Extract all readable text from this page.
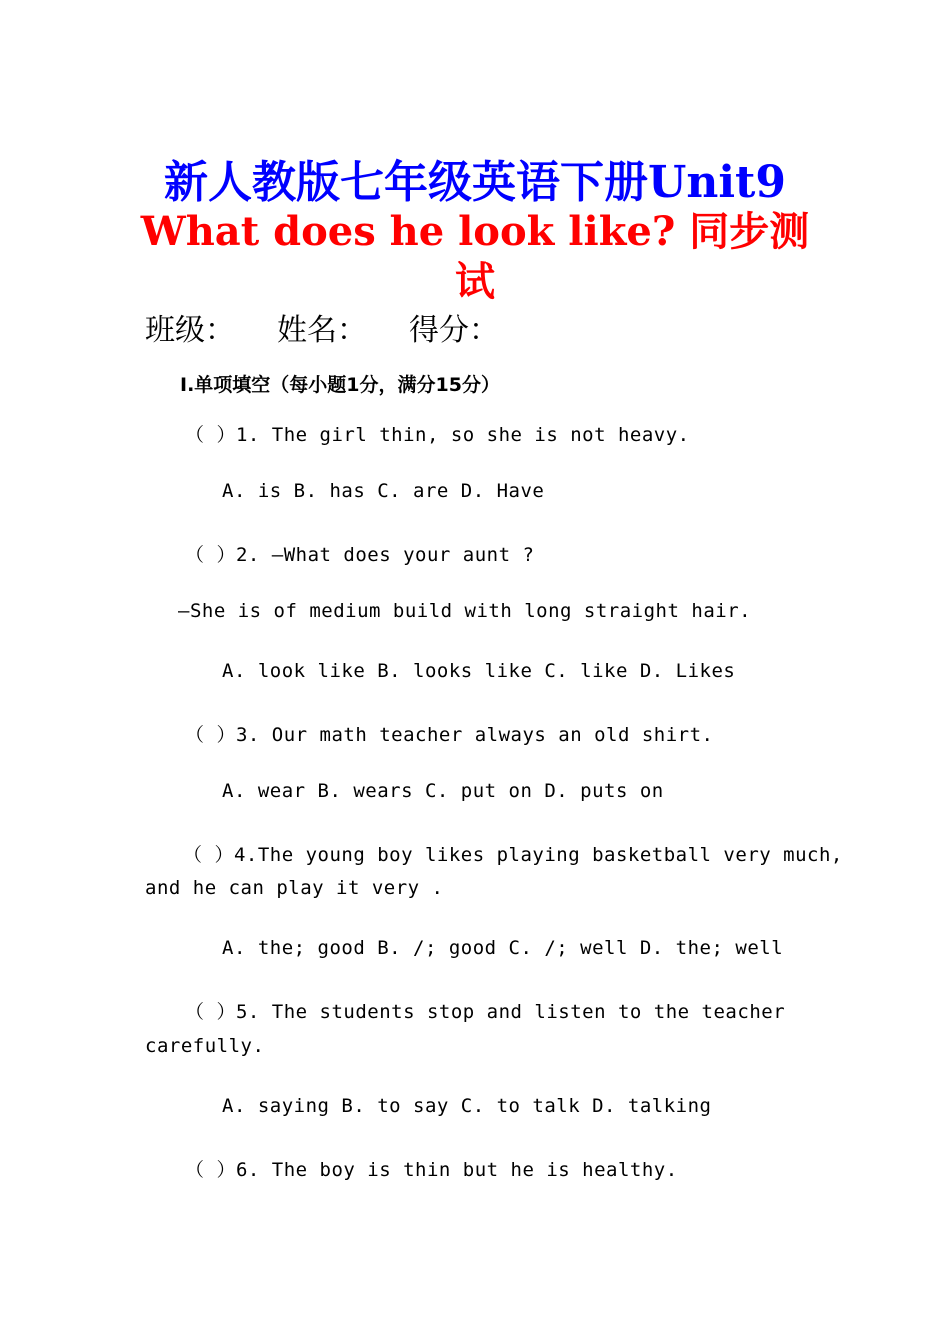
新人教版七年级英语下册Unit9
What does he look like? 同步测
试
班级： 姓名： 得分：
I.单项填空（每小题1分，满分15分）
（ ）1. The girl thin, so she is not heavy.
A. is B. has C. are D. Have
（ ）2. —What does your aunt ?
—She is of medium build with long straight hair.
A. look like B. looks like C. like D. Likes
（ ）3. Our math teacher always an old shirt.
A. wear B. wears C. put on D. puts on
（ ）4.The young boy likes playing basketball very much,
and he can play it very .
A. the; good B. /; good C. /; well D. the; well
（ ）5. The students stop and listen to the teacher
carefully.
A. saying B. to say C. to talk D. talking
（ ）6. The boy is thin but he is healthy.
